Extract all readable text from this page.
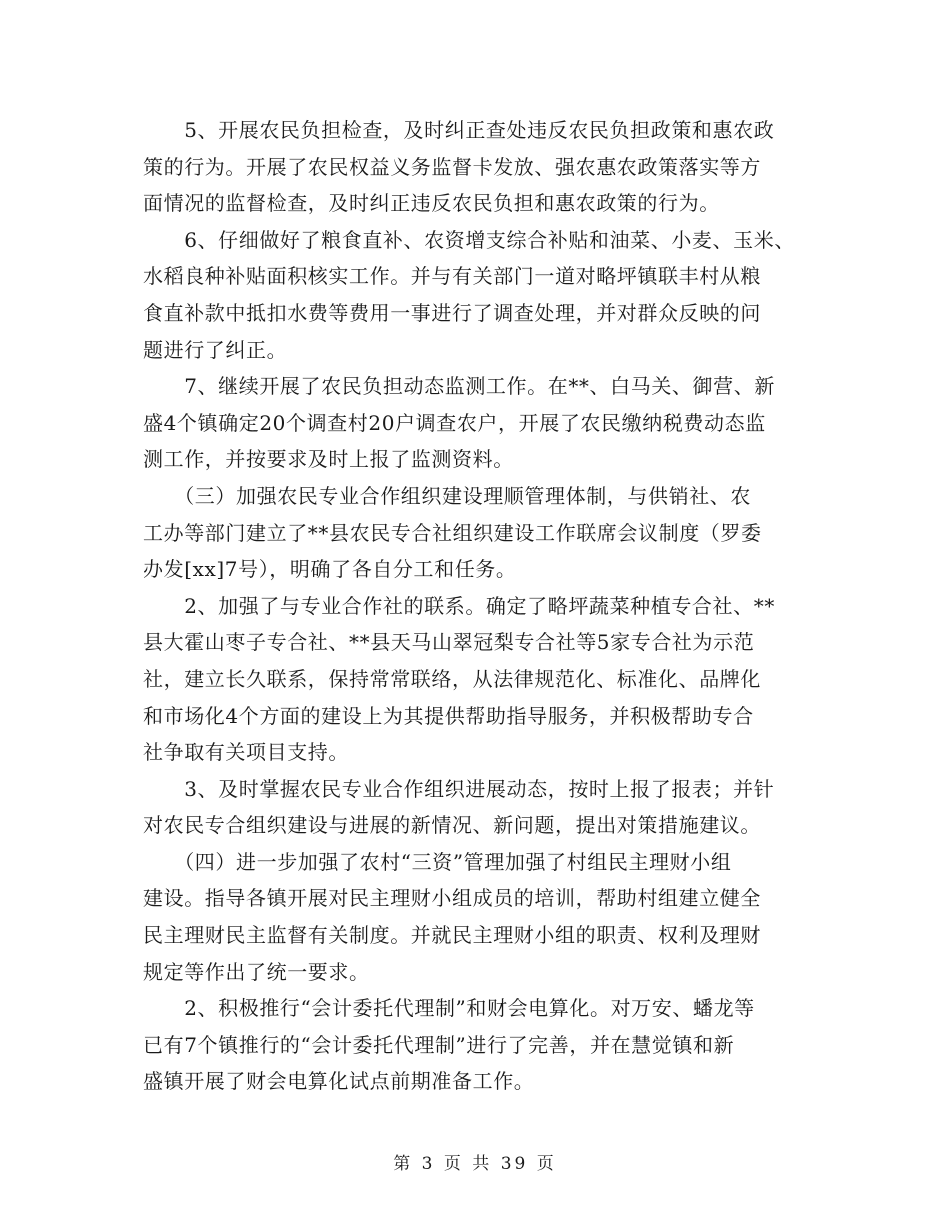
　　5、开展农民负担检查，及时纠正查处违反农民负担政策和惠农政
策的行为。开展了农民权益义务监督卡发放、强农惠农政策落实等方
面情况的监督检查，及时纠正违反农民负担和惠农政策的行为。
　　6、仔细做好了粮食直补、农资增支综合补贴和油菜、小麦、玉米、
水稻良种补贴面积核实工作。并与有关部门一道对略坪镇联丰村从粮
食直补款中抵扣水费等费用一事进行了调查处理，并对群众反映的问
题进行了纠正。
　　7、继续开展了农民负担动态监测工作。在**、白马关、御营、新
盛4个镇确定20个调查村20户调查农户，开展了农民缴纳税费动态监
测工作，并按要求及时上报了监测资料。
　　（三）加强农民专业合作组织建设理顺管理体制，与供销社、农
工办等部门建立了**县农民专合社组织建设工作联席会议制度（罗委
办发[xx]7号），明确了各自分工和任务。
　　2、加强了与专业合作社的联系。确定了略坪蔬菜种植专合社、**
县大霍山枣子专合社、**县天马山翠冠梨专合社等5家专合社为示范
社，建立长久联系，保持常常联络，从法律规范化、标准化、品牌化
和市场化4个方面的建设上为其提供帮助指导服务，并积极帮助专合
社争取有关项目支持。
　　3、及时掌握农民专业合作组织进展动态，按时上报了报表；并针
对农民专合组织建设与进展的新情况、新问题，提出对策措施建议。
　　（四）进一步加强了农村“三资”管理加强了村组民主理财小组
建设。指导各镇开展对民主理财小组成员的培训，帮助村组建立健全
民主理财民主监督有关制度。并就民主理财小组的职责、权利及理财
规定等作出了统一要求。
　　2、积极推行“会计委托代理制”和财会电算化。对万安、蟠龙等
已有7个镇推行的“会计委托代理制”进行了完善，并在慧觉镇和新
盛镇开展了财会电算化试点前期准备工作。
第 3 页 共 39 页
